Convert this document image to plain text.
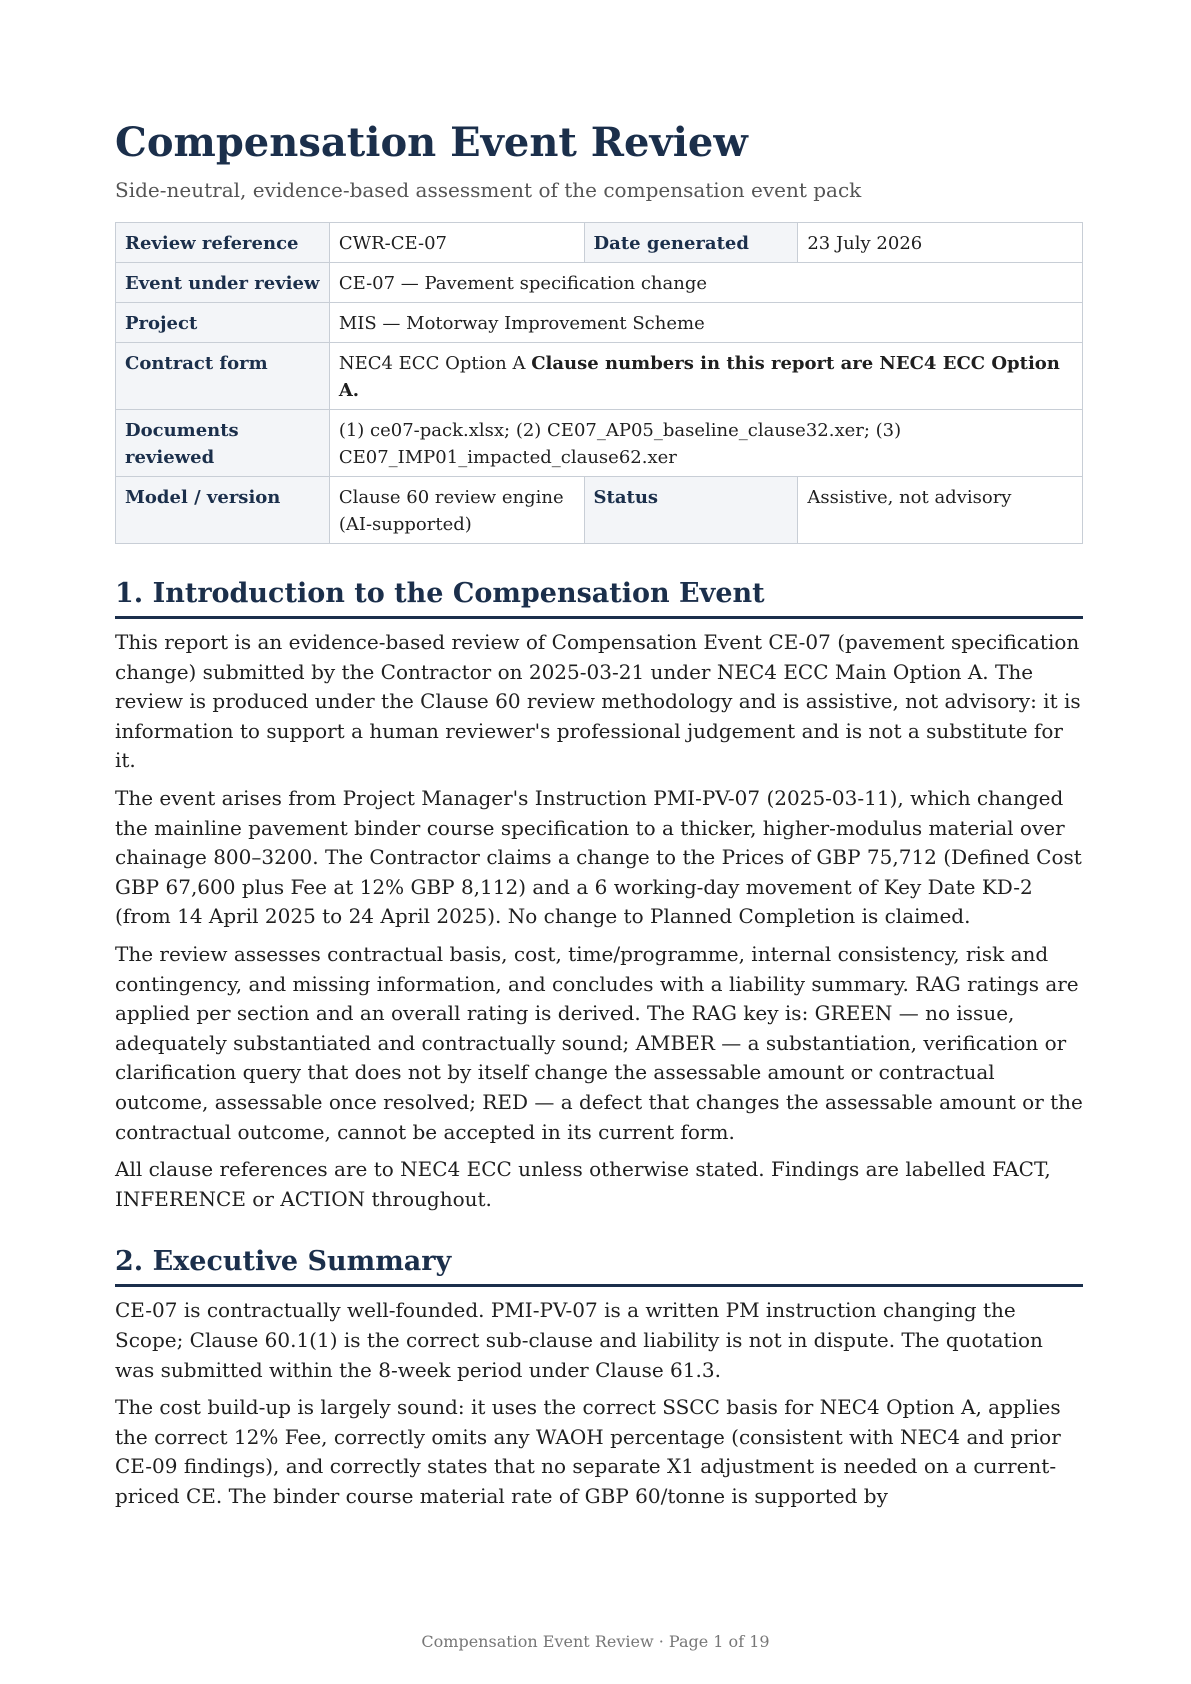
Compensation Event Review
Side-neutral, evidence-based assessment of the compensation event pack
Review reference	CWR-CE-07	Date generated	23 July 2026
Event under review	CE-07 — Pavement specification change		
Project	MIS — Motorway Improvement Scheme		
Contract form	NEC4 ECC Option A Clause numbers in this report are NEC4 ECC Option A.		
Documents reviewed	(1) ce07-pack.xlsx; (2) CE07_AP05_baseline_clause32.xer; (3) CE07_IMP01_impacted_clause62.xer		
Model / version	Clause 60 review engine (AI-supported)	Status	Assistive, not advisory
1. Introduction to the Compensation Event

This report is an evidence-based review of Compensation Event CE-07 (pavement specification change) submitted by the Contractor on 2025-03-21 under NEC4 ECC Main Option A. The review is produced under the Clause 60 review methodology and is assistive, not advisory: it is information to support a human reviewer's professional judgement and is not a substitute for it.

The event arises from Project Manager's Instruction PMI-PV-07 (2025-03-11), which changed the mainline pavement binder course specification to a thicker, higher-modulus material over chainage 800–3200. The Contractor claims a change to the Prices of GBP 75,712 (Defined Cost GBP 67,600 plus Fee at 12% GBP 8,112) and a 6 working-day movement of Key Date KD-2 (from 14 April 2025 to 24 April 2025). No change to Planned Completion is claimed.

The review assesses contractual basis, cost, time/programme, internal consistency, risk and contingency, and missing information, and concludes with a liability summary. RAG ratings are applied per section and an overall rating is derived. The RAG key is: GREEN — no issue, adequately substantiated and contractually sound; AMBER — a substantiation, verification or clarification query that does not by itself change the assessable amount or contractual outcome, assessable once resolved; RED — a defect that changes the assessable amount or the contractual outcome, cannot be accepted in its current form.

All clause references are to NEC4 ECC unless otherwise stated. Findings are labelled FACT, INFERENCE or ACTION throughout.

2. Executive Summary

CE-07 is contractually well-founded. PMI-PV-07 is a written PM instruction changing the Scope; Clause 60.1(1) is the correct sub-clause and liability is not in dispute. The quotation was submitted within the 8-week period under Clause 61.3.

The cost build-up is largely sound: it uses the correct SSCC basis for NEC4 Option A, applies the correct 12% Fee, correctly omits any WAOH percentage (consistent with NEC4 and prior CE-09 findings), and correctly states that no separate X1 adjustment is needed on a current-priced CE. The binder course material rate of GBP 60/tonne is supported by

Compensation Event Review · Page 1 of 19
